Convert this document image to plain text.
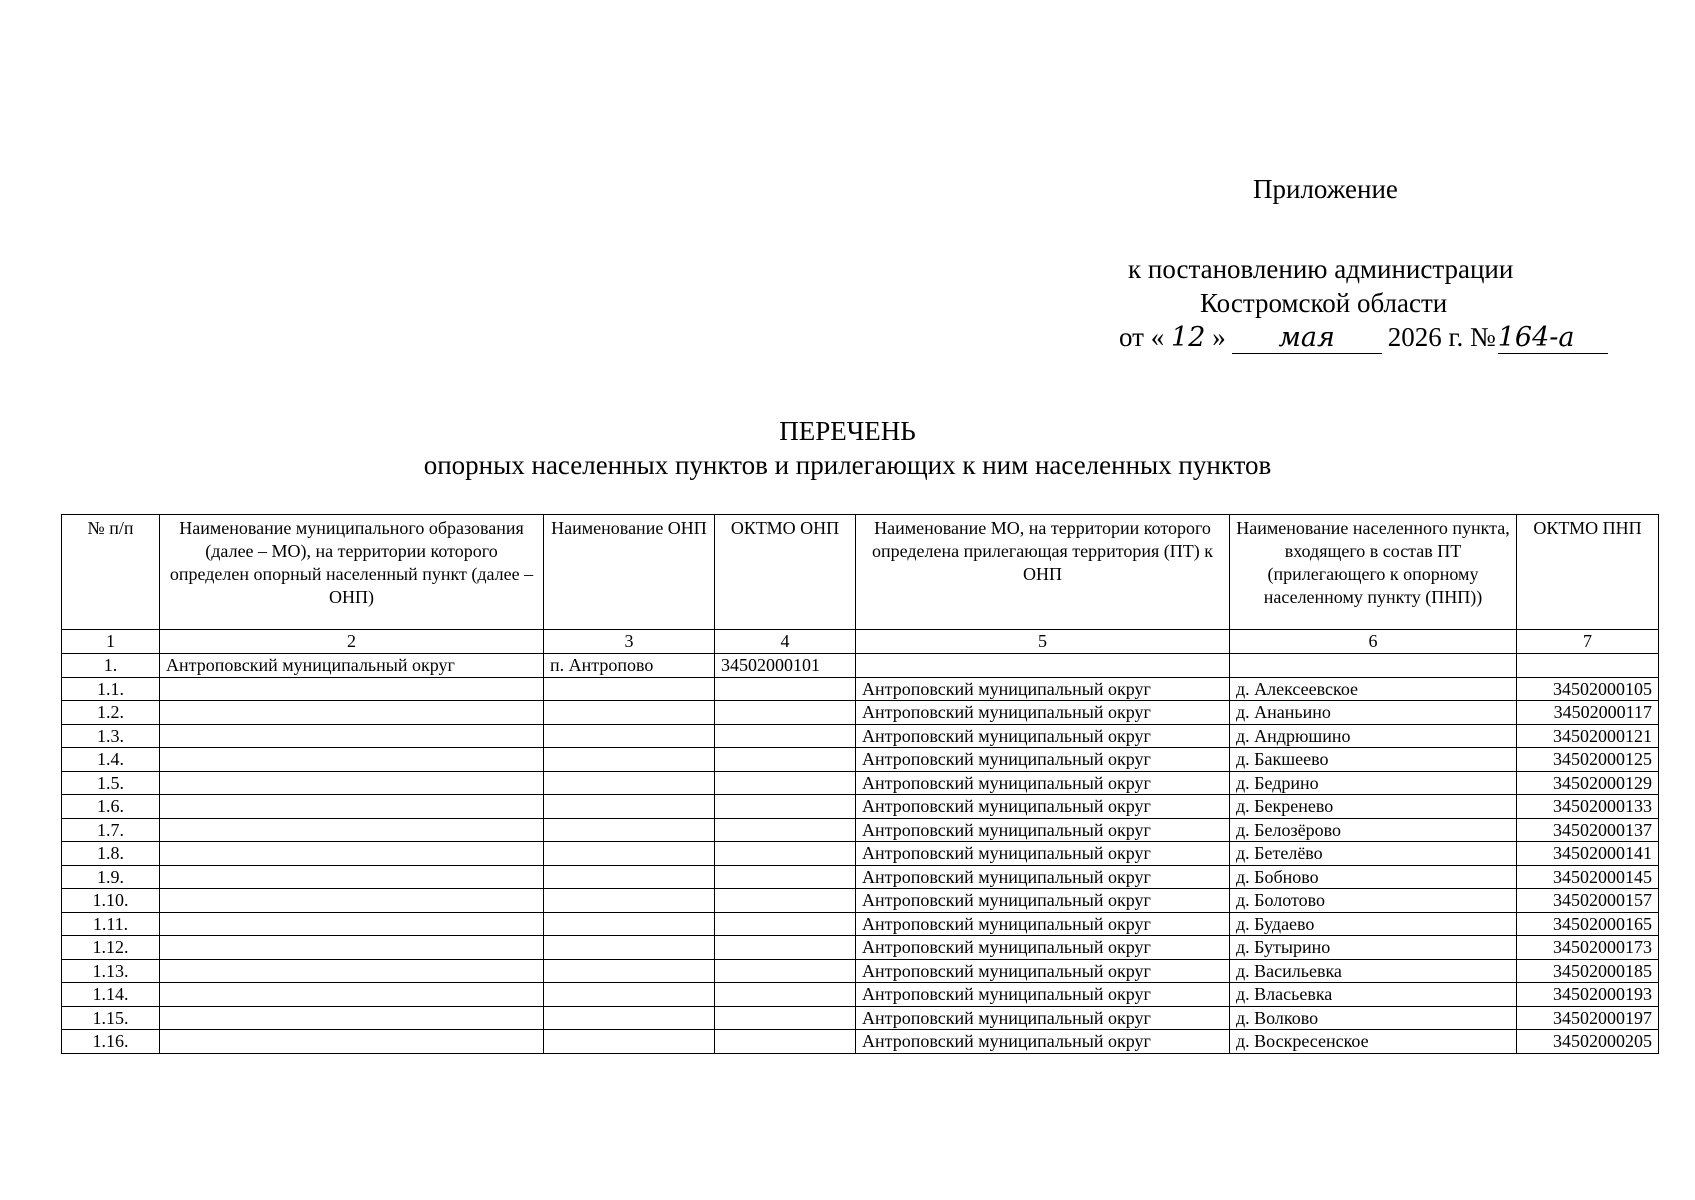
Приложение
к постановлению администрации
Костромской области
от « 12 » мая 2026 г. №164-а
ПЕРЕЧЕНЬ
опорных населенных пунктов и прилегающих к ним населенных пунктов
№ п/п	Наименование муниципального образования (далее – МО), на территории которого определен опорный населенный пункт (далее – ОНП)	Наименование ОНП	ОКТМО ОНП	Наименование МО, на территории которого определена прилегающая территория (ПТ) к ОНП	Наименование населенного пункта, входящего в состав ПТ (прилегающего к опорному населенному пункту (ПНП))	ОКТМО ПНП
1	2	3	4	5	6	7
1.	Антроповский муниципальный округ	п. Антропово	34502000101			
1.1.				Антроповский муниципальный округ	д. Алексеевское	34502000105
1.2.				Антроповский муниципальный округ	д. Ананьино	34502000117
1.3.				Антроповский муниципальный округ	д. Андрюшино	34502000121
1.4.				Антроповский муниципальный округ	д. Бакшеево	34502000125
1.5.				Антроповский муниципальный округ	д. Бедрино	34502000129
1.6.				Антроповский муниципальный округ	д. Бекренево	34502000133
1.7.				Антроповский муниципальный округ	д. Белозёрово	34502000137
1.8.				Антроповский муниципальный округ	д. Бетелёво	34502000141
1.9.				Антроповский муниципальный округ	д. Бобново	34502000145
1.10.				Антроповский муниципальный округ	д. Болотово	34502000157
1.11.				Антроповский муниципальный округ	д. Будаево	34502000165
1.12.				Антроповский муниципальный округ	д. Бутырино	34502000173
1.13.				Антроповский муниципальный округ	д. Васильевка	34502000185
1.14.				Антроповский муниципальный округ	д. Власьевка	34502000193
1.15.				Антроповский муниципальный округ	д. Волково	34502000197
1.16.				Антроповский муниципальный округ	д. Воскресенское	34502000205
